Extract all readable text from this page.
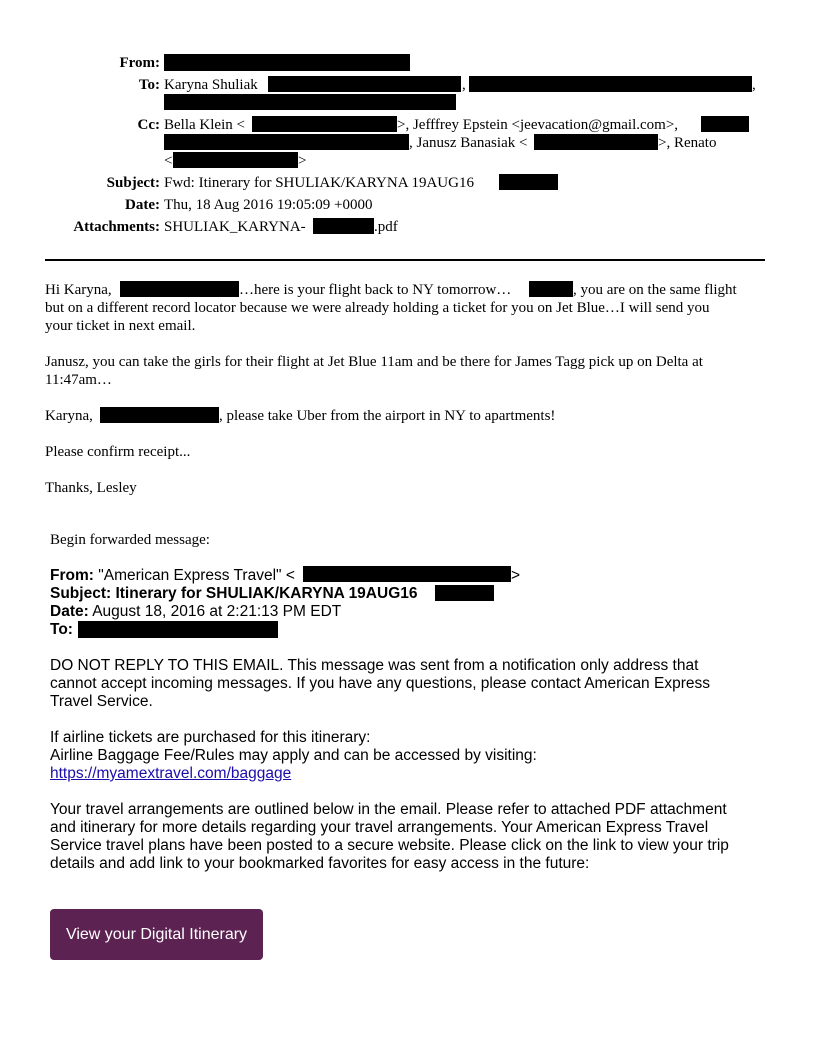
From:
To: Karyna Shuliak	,	,
Cc: Bella Klein <	>, Jefffrey Epstein <jeevacation@gmail.com>,
, Janusz Banasiak <	>, Renato
<	>
Subject: Fwd: Itinerary for SHULIAK/KARYNA 19AUG16
Date: Thu, 18 Aug 2016 19:05:09 +0000
Attachments: SHULIAK_KARYNA-	.pdf
Hi Karyna,	…here is your flight back to NY tomorrow…	, you are on the same flight
but on a different record locator because we were already holding a ticket for you on Jet Blue…I will send you
your ticket in next email.
Janusz, you can take the girls for their flight at Jet Blue 11am and be there for James Tagg pick up on Delta at
11:47am…
Karyna,	, please take Uber from the airport in NY to apartments!
Please confirm receipt...
Thanks, Lesley
Begin forwarded message:
From: "American Express Travel" <	>
Subject: Itinerary for SHULIAK/KARYNA 19AUG16
Date: August 18, 2016 at 2:21:13 PM EDT
To:
DO NOT REPLY TO THIS EMAIL. This message was sent from a notification only address that
cannot accept incoming messages. If you have any questions, please contact American Express
Travel Service.
If airline tickets are purchased for this itinerary:
Airline Baggage Fee/Rules may apply and can be accessed by visiting:
https://myamextravel.com/baggage
Your travel arrangements are outlined below in the email. Please refer to attached PDF attachment
and itinerary for more details regarding your travel arrangements. Your American Express Travel
Service travel plans have been posted to a secure website. Please click on the link to view your trip
details and add link to your bookmarked favorites for easy access in the future:
View your Digital Itinerary
